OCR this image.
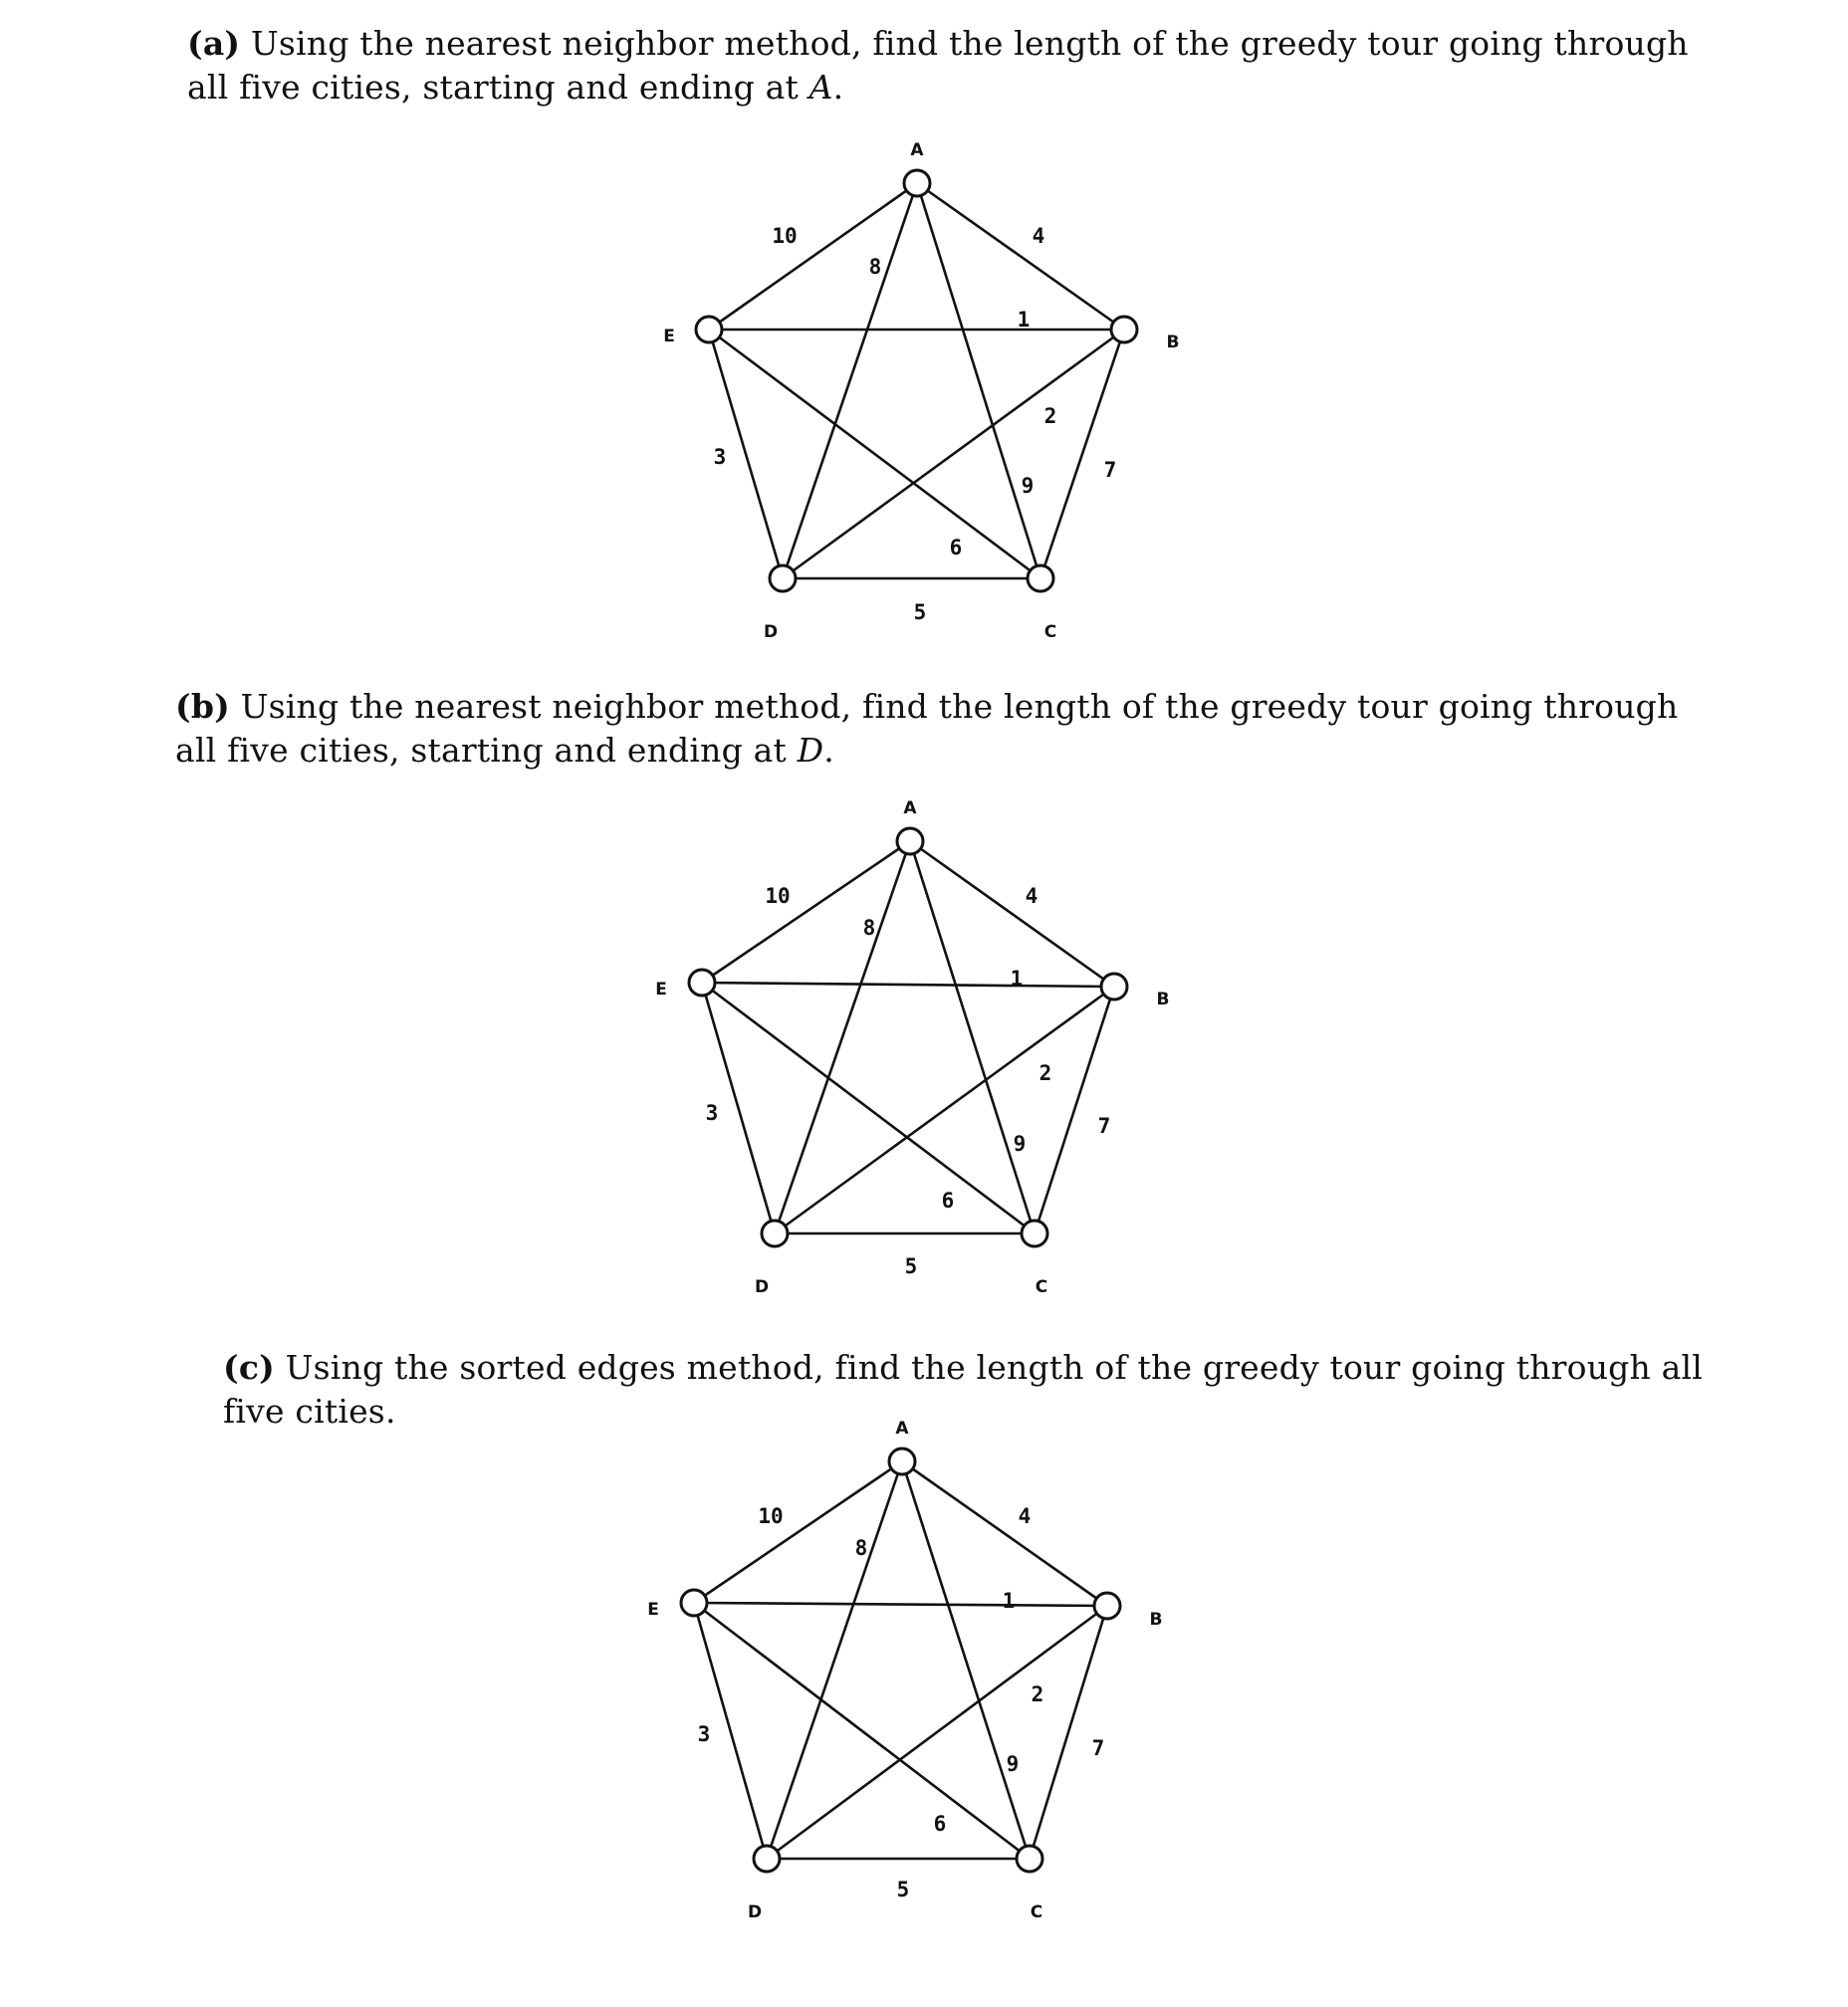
(a) Using the nearest neighbor method, find the length of the greedy tour going through all five cities, starting and ending at A.
4
9
8
10
7
2
1
5
6
3
A
B
C
D
E
(b) Using the nearest neighbor method, find the length of the greedy tour going through all five cities, starting and ending at D.
4
9
8
10
7
2
1
5
6
3
A
B
C
D
E
(c) Using the sorted edges method, find the length of the greedy tour going through all five cities.
4
9
8
10
7
2
1
5
6
3
A
B
C
D
E
